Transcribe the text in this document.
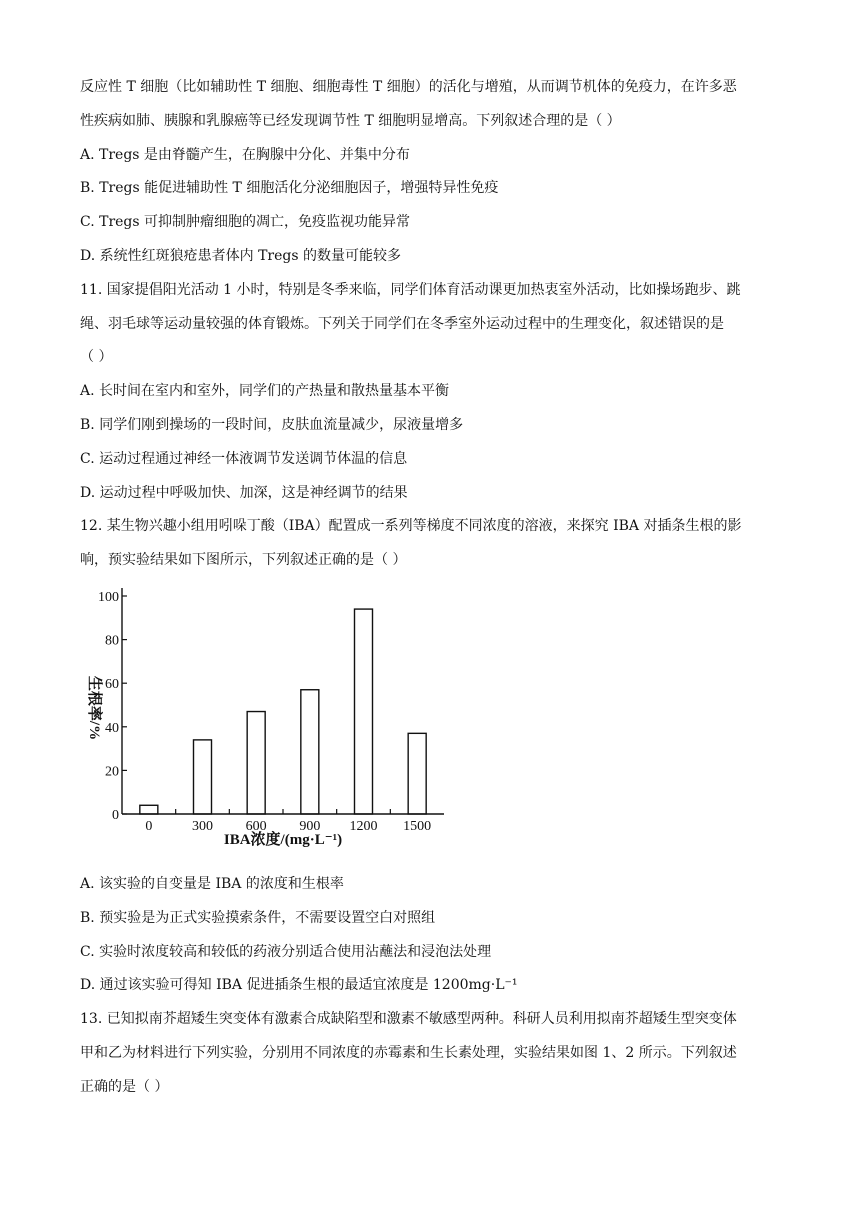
反应性 T 细胞（比如辅助性 T 细胞、细胞毒性 T 细胞）的活化与增殖，从而调节机体的免疫力，在许多恶
性疾病如肺、胰腺和乳腺癌等已经发现调节性 T 细胞明显增高。下列叙述合理的是（ ）
A. Tregs 是由脊髓产生，在胸腺中分化、并集中分布
B. Tregs 能促进辅助性 T 细胞活化分泌细胞因子，增强特异性免疫
C. Tregs 可抑制肿瘤细胞的凋亡，免疫监视功能异常
D. 系统性红斑狼疮患者体内 Tregs 的数量可能较多
11. 国家提倡阳光活动 1 小时，特别是冬季来临，同学们体育活动课更加热衷室外活动，比如操场跑步、跳
绳、羽毛球等运动量较强的体育锻炼。下列关于同学们在冬季室外运动过程中的生理变化，叙述错误的是
（ ）
A. 长时间在室内和室外，同学们的产热量和散热量基本平衡
B. 同学们刚到操场的一段时间，皮肤血流量减少，尿液量增多
C. 运动过程通过神经一体液调节发送调节体温的信息
D. 运动过程中呼吸加快、加深，这是神经调节的结果
12. 某生物兴趣小组用吲哚丁酸（IBA）配置成一系列等梯度不同浓度的溶液，来探究 IBA 对插条生根的影
响，预实验结果如下图所示，下列叙述正确的是（ ）
0
20
40
60
80
100
0	300 600 900 1200 1500
生根率/%
IBA浓度/(mg·L⁻¹)
A. 该实验的自变量是 IBA 的浓度和生根率
B. 预实验是为正式实验摸索条件，不需要设置空白对照组
C. 实验时浓度较高和较低的药液分别适合使用沾蘸法和浸泡法处理
D. 通过该实验可得知 IBA 促进插条生根的最适宜浓度是 1200mg·L⁻¹
13. 已知拟南芥超矮生突变体有激素合成缺陷型和激素不敏感型两种。科研人员利用拟南芥超矮生型突变体
甲和乙为材料进行下列实验，分别用不同浓度的赤霉素和生长素处理，实验结果如图 1、2 所示。下列叙述
正确的是（ ）
